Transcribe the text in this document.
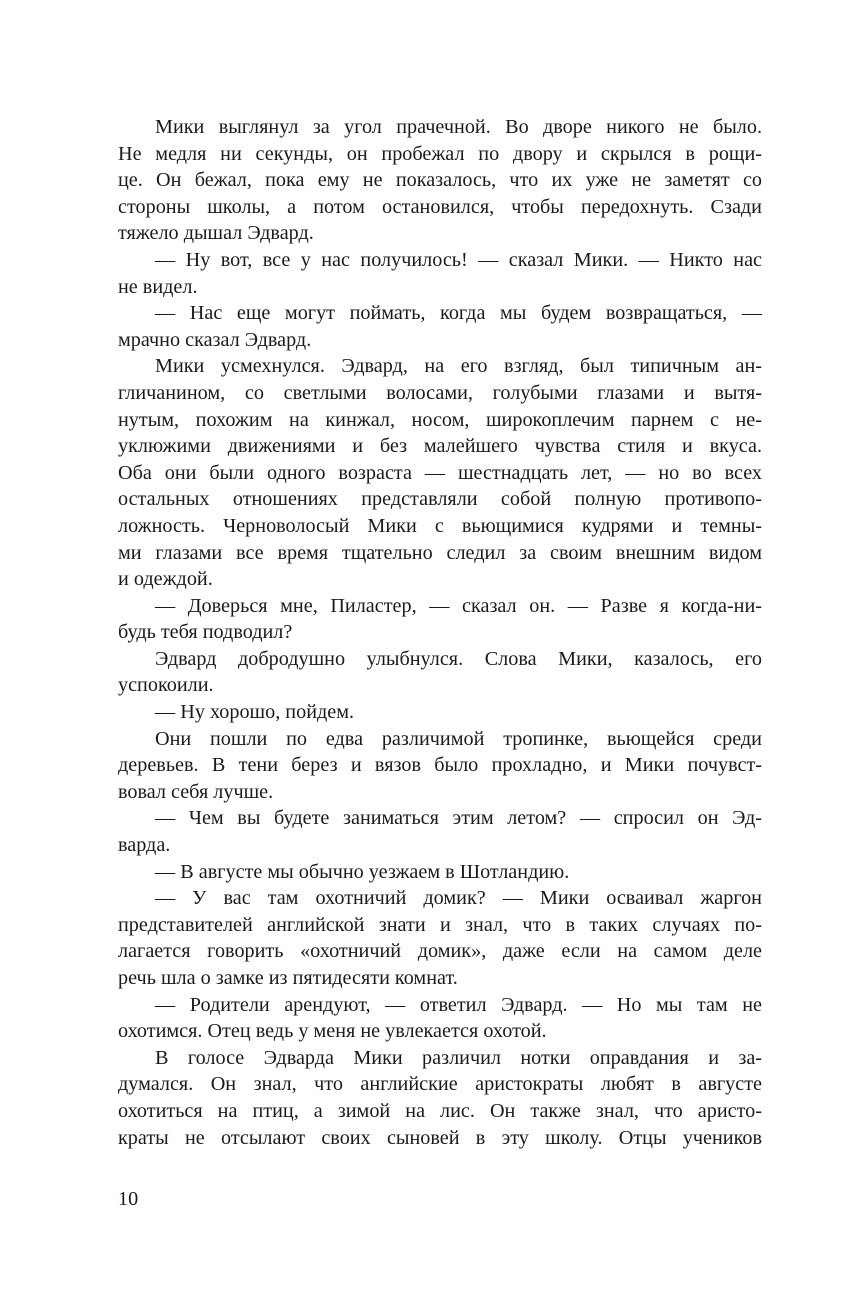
Мики выглянул за угол прачечной. Во дворе никого не было.
Не медля ни секунды, он пробежал по двору и скрылся в рощи-
це. Он бежал, пока ему не показалось, что их уже не заметят со
стороны школы, а потом остановился, чтобы передохнуть. Сзади
тяжело дышал Эдвард.
— Ну вот, все у нас получилось! — сказал Мики. — Никто нас
не видел.
— Нас еще могут поймать, когда мы будем возвращаться, —
мрачно сказал Эдвард.
Мики усмехнулся. Эдвард, на его взгляд, был типичным ан-
гличанином, со светлыми волосами, голубыми глазами и вытя-
нутым, похожим на кинжал, носом, широкоплечим парнем с не-
уклюжими движениями и без малейшего чувства стиля и вкуса.
Оба они были одного возраста — шестнадцать лет, — но во всех
остальных отношениях представляли собой полную противопо-
ложность. Черноволосый Мики с вьющимися кудрями и темны-
ми глазами все время тщательно следил за своим внешним видом
и одеждой.
— Доверься мне, Пиластер, — сказал он. — Разве я когда-ни-
будь тебя подводил?
Эдвард добродушно улыбнулся. Слова Мики, казалось, его
успокоили.
— Ну хорошо, пойдем.
Они пошли по едва различимой тропинке, вьющейся среди
деревьев. В тени берез и вязов было прохладно, и Мики почувст-
вовал себя лучше.
— Чем вы будете заниматься этим летом? — спросил он Эд-
варда.
— В августе мы обычно уезжаем в Шотландию.
— У вас там охотничий домик? — Мики осваивал жаргон
представителей английской знати и знал, что в таких случаях по-
лагается говорить «охотничий домик», даже если на самом деле
речь шла о замке из пятидесяти комнат.
— Родители арендуют, — ответил Эдвард. — Но мы там не
охотимся. Отец ведь у меня не увлекается охотой.
В голосе Эдварда Мики различил нотки оправдания и за-
думался. Он знал, что английские аристократы любят в августе
охотиться на птиц, а зимой на лис. Он также знал, что аристо-
краты не отсылают своих сыновей в эту школу. Отцы учеников
10
